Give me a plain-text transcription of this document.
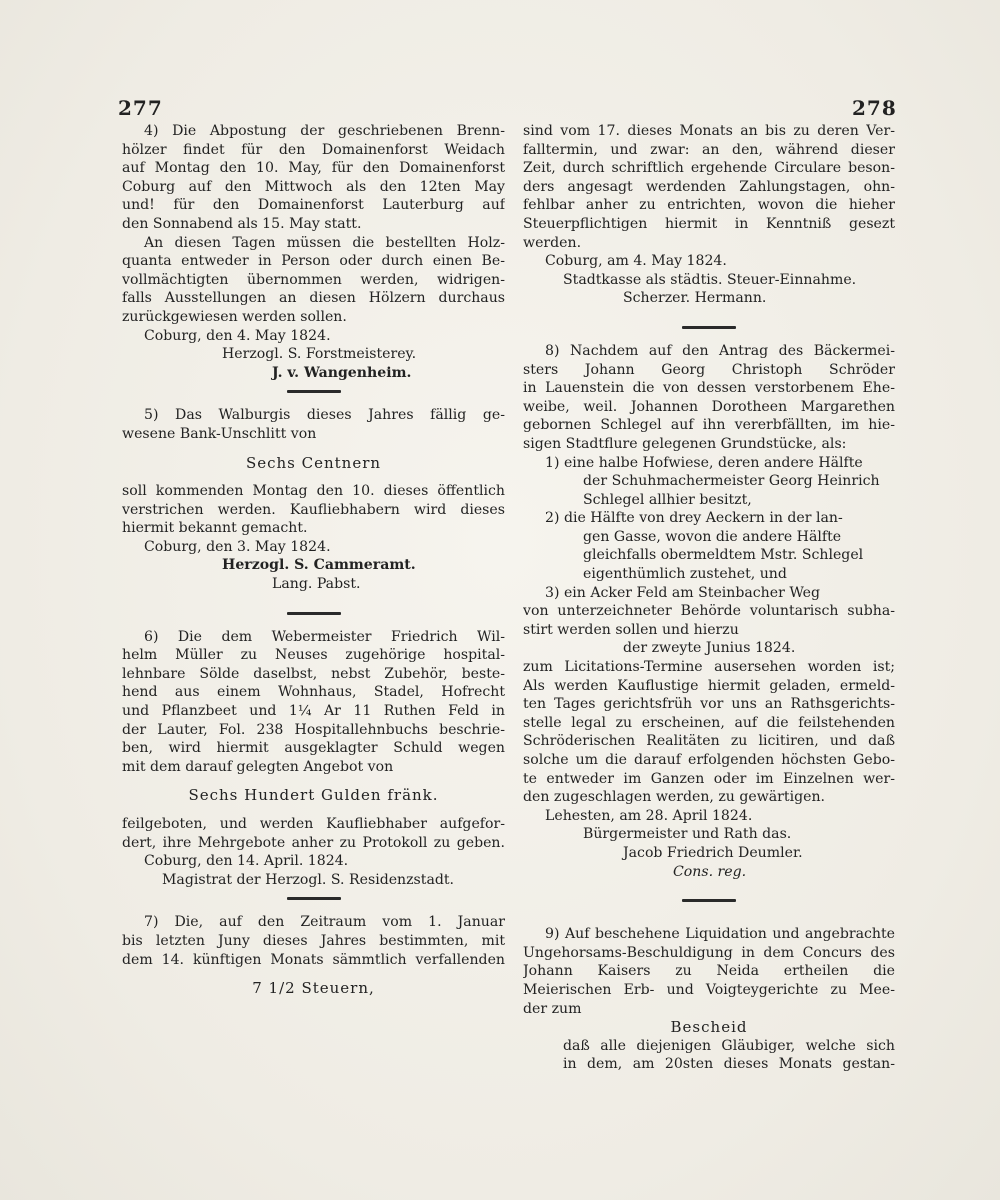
277	278
4) Die Abpostung der geschriebenen Brenn-
hölzer findet für den Domainenforst Weidach
auf Montag den 10. May, für den Domainenforst
Coburg auf den Mittwoch als den 12ten May
und! für den Domainenforst Lauterburg auf
den Sonnabend als 15. May statt.
An diesen Tagen müssen die bestellten Holz-
quanta entweder in Person oder durch einen Be-
vollmächtigten übernommen werden, widrigen-
falls Ausstellungen an diesen Hölzern durchaus
zurückgewiesen werden sollen.
Coburg, den 4. May 1824.
Herzogl. S. Forstmeisterey.
J. v. Wangenheim.
5) Das Walburgis dieses Jahres fällig ge-
wesene Bank-Unschlitt von
Sechs Centnern
soll kommenden Montag den 10. dieses öffentlich
verstrichen werden. Kaufliebhabern wird dieses
hiermit bekannt gemacht.
Coburg, den 3. May 1824.
Herzogl. S. Cammeramt.
Lang. Pabst.
6) Die dem Webermeister Friedrich Wil-
helm Müller zu Neuses zugehörige hospital-
lehnbare Sölde daselbst, nebst Zubehör, beste-
hend aus einem Wohnhaus, Stadel, Hofrecht
und Pflanzbeet und 1¼ Ar 11 Ruthen Feld in
der Lauter, Fol. 238 Hospitallehnbuchs beschrie-
ben, wird hiermit ausgeklagter Schuld wegen
mit dem darauf gelegten Angebot von
Sechs Hundert Gulden fränk.
feilgeboten, und werden Kaufliebhaber aufgefor-
dert, ihre Mehrgebote anher zu Protokoll zu geben.
Coburg, den 14. April. 1824.
Magistrat der Herzogl. S. Residenzstadt.
7) Die, auf den Zeitraum vom 1. Januar
bis letzten Juny dieses Jahres bestimmten, mit
dem 14. künftigen Monats sämmtlich verfallenden
7 1/2 Steuern,
sind vom 17. dieses Monats an bis zu deren Ver-
falltermin, und zwar: an den, während dieser
Zeit, durch schriftlich ergehende Circulare beson-
ders angesagt werdenden Zahlungstagen, ohn-
fehlbar anher zu entrichten, wovon die hieher
Steuerpflichtigen hiermit in Kenntniß gesezt
werden.
Coburg, am 4. May 1824.
Stadtkasse als städtis. Steuer-Einnahme.
Scherzer. Hermann.
8) Nachdem auf den Antrag des Bäckermei-
sters Johann Georg Christoph Schröder
in Lauenstein die von dessen verstorbenem Ehe-
weibe, weil. Johannen Dorotheen Margarethen
gebornen Schlegel auf ihn vererbfällten, im hie-
sigen Stadtflure gelegenen Grundstücke, als:
1) eine halbe Hofwiese, deren andere Hälfte
der Schuhmachermeister Georg Heinrich
Schlegel allhier besitzt,
2) die Hälfte von drey Aeckern in der lan-
gen Gasse, wovon die andere Hälfte
gleichfalls obermeldtem Mstr. Schlegel
eigenthümlich zustehet, und
3) ein Acker Feld am Steinbacher Weg
von unterzeichneter Behörde voluntarisch subha-
stirt werden sollen und hierzu
der zweyte Junius 1824.
zum Licitations-Termine ausersehen worden ist;
Als werden Kauflustige hiermit geladen, ermeld-
ten Tages gerichtsfrüh vor uns an Rathsgerichts-
stelle legal zu erscheinen, auf die feilstehenden
Schröderischen Realitäten zu licitiren, und daß
solche um die darauf erfolgenden höchsten Gebo-
te entweder im Ganzen oder im Einzelnen wer-
den zugeschlagen werden, zu gewärtigen.
Lehesten, am 28. April 1824.
Bürgermeister und Rath das.
Jacob Friedrich Deumler.
Cons. reg.
9) Auf beschehene Liquidation und angebrachte
Ungehorsams-Beschuldigung in dem Concurs des
Johann Kaisers zu Neida ertheilen die
Meierischen Erb- und Voigteygerichte zu Mee-
der zum
Bescheid
daß alle diejenigen Gläubiger, welche sich
in dem, am 20sten dieses Monats gestan-
